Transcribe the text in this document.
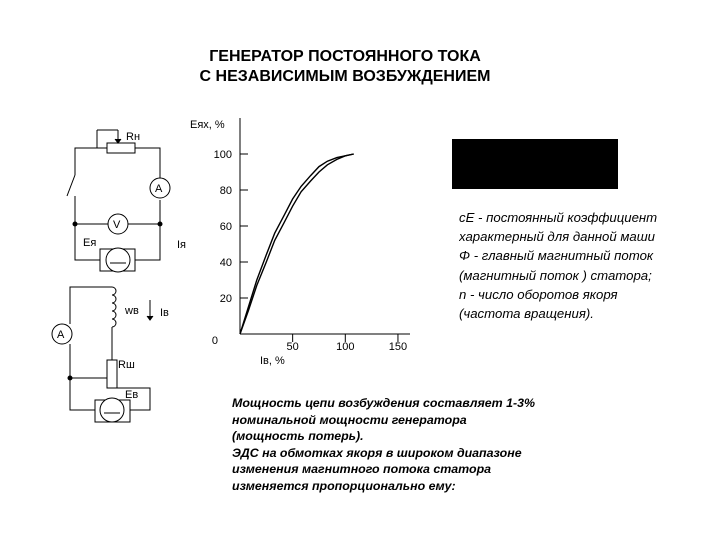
ГЕНЕРАТОР ПОСТОЯННОГО ТОКА
С НЕЗАВИСИМЫМ ВОЗБУЖДЕНИЕМ
Rн
A
V
Eя	Iя
wв Iв
A
Rш
Eв
Eях, %
Iв, %
0
20
40
60
80
100
50	100	150
сE - постоянный коэффициент
характерный для данной маши
Φ - главный магнитный поток
(магнитный поток ) статора;
n - число оборотов якоря
(частота вращения).
Мощность цепи возбуждения составляет 1-3%
номинальной мощности генератора
(мощность потерь).
ЭДС на обмотках якоря в широком диапазоне
изменения магнитного потока статора
изменяется пропорционально ему:
